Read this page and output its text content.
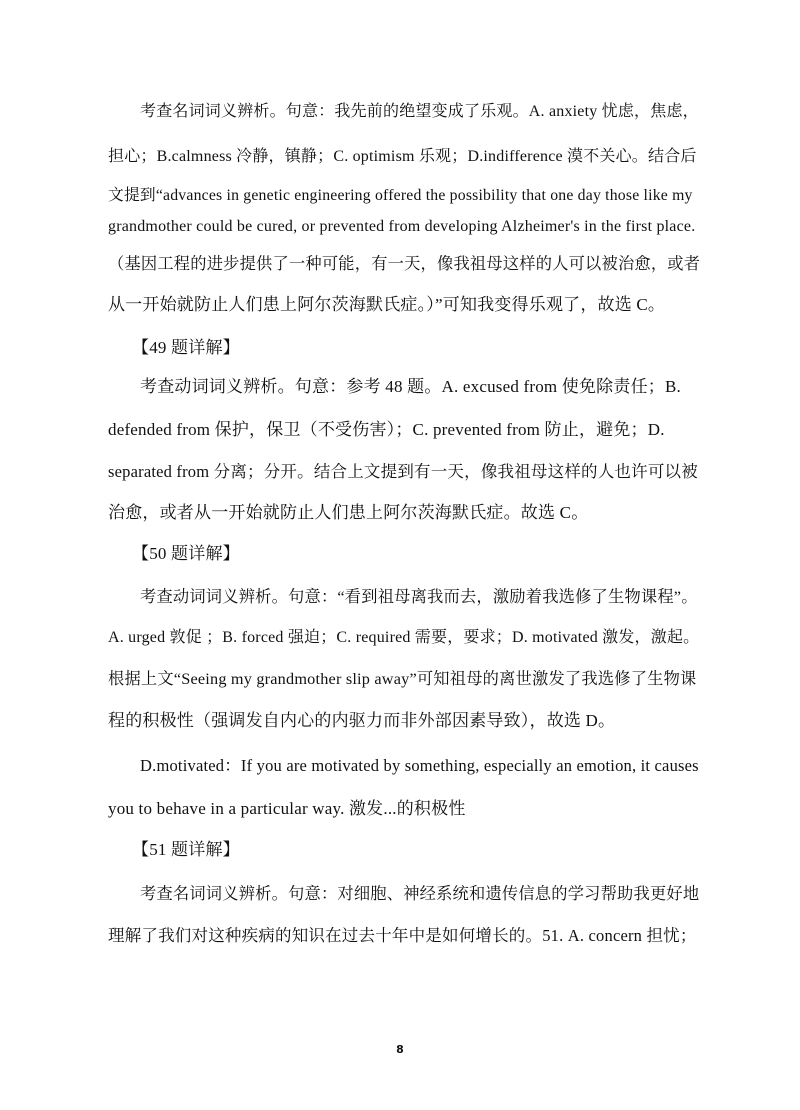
考查名词词义辨析。句意：我先前的绝望变成了乐观。A. anxiety 忧虑，焦虑，
担心；B.calmness 冷静，镇静；C. optimism 乐观；D.indifference 漠不关心。结合后
文提到“advances in genetic engineering offered the possibility that one day those like my
grandmother could be cured, or prevented from developing Alzheimer's in the first place.
（基因工程的进步提供了一种可能，有一天，像我祖母这样的人可以被治愈，或者
从一开始就防止人们患上阿尔茨海默氏症。）”可知我变得乐观了，故选 C。
【49 题详解】
考查动词词义辨析。句意：参考 48 题。A. excused from 使免除责任；B.
defended from 保护，保卫（不受伤害）；C. prevented from 防止，避免；D.
separated from 分离；分开。结合上文提到有一天，像我祖母这样的人也许可以被
治愈，或者从一开始就防止人们患上阿尔茨海默氏症。故选 C。
【50 题详解】
考查动词词义辨析。句意：“看到祖母离我而去，激励着我选修了生物课程”。
A. urged 敦促 ；B. forced 强迫；C. required 需要，要求；D. motivated 激发，激起。
根据上文“Seeing my grandmother slip away”可知祖母的离世激发了我选修了生物课
程的积极性（强调发自内心的内驱力而非外部因素导致），故选 D。
D.motivated：If you are motivated by something, especially an emotion, it causes
you to behave in a particular way. 激发...的积极性
【51 题详解】
考查名词词义辨析。句意：对细胞、神经系统和遗传信息的学习帮助我更好地
理解了我们对这种疾病的知识在过去十年中是如何增长的。51. A. concern 担忧；
8
